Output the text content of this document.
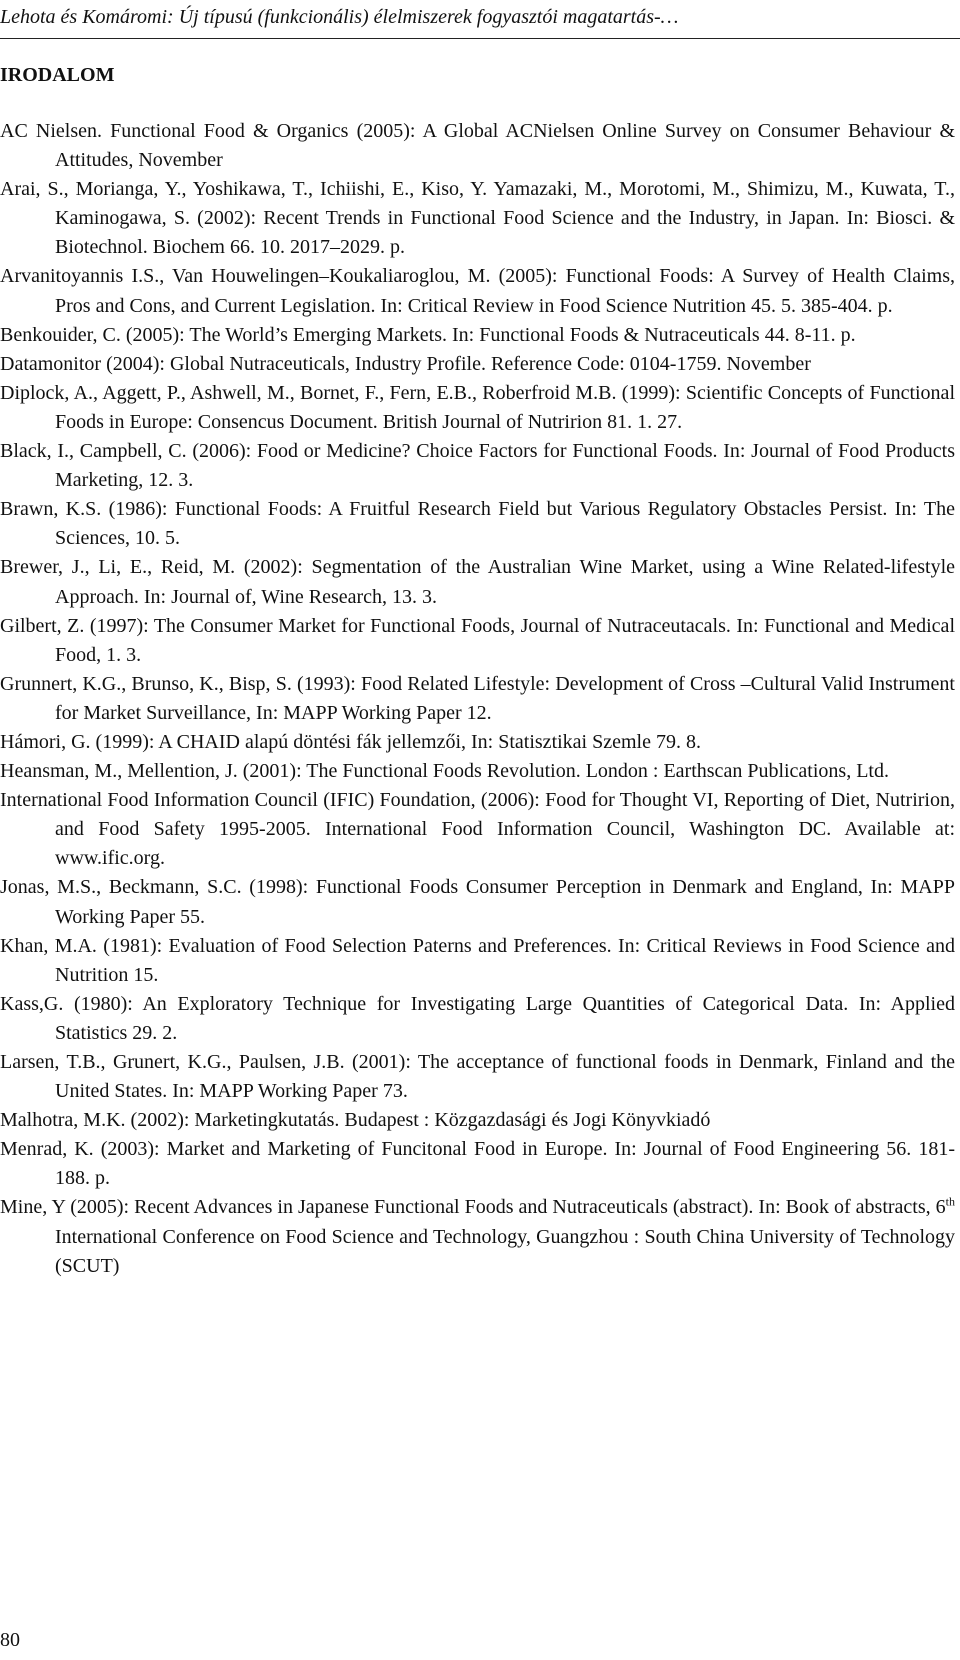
Lehota és Komáromi: Új típusú (funkcionális) élelmiszerek fogyasztói magatartás-…
IRODALOM

AC Nielsen. Functional Food & Organics (2005): A Global ACNielsen Online Survey on Consumer Behaviour & Attitudes, November

Arai, S., Morianga, Y., Yoshikawa, T., Ichiishi, E., Kiso, Y. Yamazaki, M., Morotomi, M., Shimizu, M., Kuwata, T., Kaminogawa, S. (2002): Recent Trends in Functional Food Science and the Industry, in Japan. In: Biosci. & Biotechnol. Biochem 66. 10. 2017–2029. p.

Arvanitoyannis I.S., Van Houwelingen–Koukaliaroglou, M. (2005): Functional Foods: A Survey of Health Claims, Pros and Cons, and Current Legislation. In: Critical Review in Food Science Nutrition 45. 5. 385-404. p.

Benkouider, C. (2005): The World’s Emerging Markets. In: Functional Foods & Nutraceuticals 44. 8-11. p.

Datamonitor (2004): Global Nutraceuticals, Industry Profile. Reference Code: 0104-1759. November

Diplock, A., Aggett, P., Ashwell, M., Bornet, F., Fern, E.B., Roberfroid M.B. (1999): Scientific Concepts of Functional Foods in Europe: Consencus Document. British Journal of Nutririon 81. 1. 27.

Black, I., Campbell, C. (2006): Food or Medicine? Choice Factors for Functional Foods. In: Journal of Food Products Marketing, 12. 3.

Brawn, K.S. (1986): Functional Foods: A Fruitful Research Field but Various Regulatory Obstacles Persist. In: The Sciences, 10. 5.

Brewer, J., Li, E., Reid, M. (2002): Segmentation of the Australian Wine Market, using a Wine Related-lifestyle Approach. In: Journal of, Wine Research, 13. 3.

Gilbert, Z. (1997): The Consumer Market for Functional Foods, Journal of Nutraceutacals. In: Functional and Medical Food, 1. 3.

Grunnert, K.G., Brunso, K., Bisp, S. (1993): Food Related Lifestyle: Development of Cross –Cultural Valid Instrument for Market Surveillance, In: MAPP Working Paper 12.

Hámori, G. (1999): A CHAID alapú döntési fák jellemzői, In: Statisztikai Szemle 79. 8.

Heansman, M., Mellention, J. (2001): The Functional Foods Revolution. London : Earthscan Publications, Ltd.

International Food Information Council (IFIC) Foundation, (2006): Food for Thought VI, Reporting of Diet, Nutririon, and Food Safety 1995-2005. International Food Information Council, Washington DC. Available at: www.ific.org.

Jonas, M.S., Beckmann, S.C. (1998): Functional Foods Consumer Perception in Denmark and England, In: MAPP Working Paper 55.

Khan, M.A. (1981): Evaluation of Food Selection Paterns and Preferences. In: Critical Reviews in Food Science and Nutrition 15.

Kass,G. (1980): An Exploratory Technique for Investigating Large Quantities of Categorical Data. In: Applied Statistics 29. 2.

Larsen, T.B., Grunert, K.G., Paulsen, J.B. (2001): The acceptance of functional foods in Denmark, Finland and the United States. In: MAPP Working Paper 73.

Malhotra, M.K. (2002): Marketingkutatás. Budapest : Közgazdasági és Jogi Könyvkiadó

Menrad, K. (2003): Market and Marketing of Funcitonal Food in Europe. In: Journal of Food Engineering 56. 181-188. p.

Mine, Y (2005): Recent Advances in Japanese Functional Foods and Nutraceuticals (abstract). In: Book of abstracts, 6th International Conference on Food Science and Technology, Guangzhou : South China University of Technology (SCUT)

80
